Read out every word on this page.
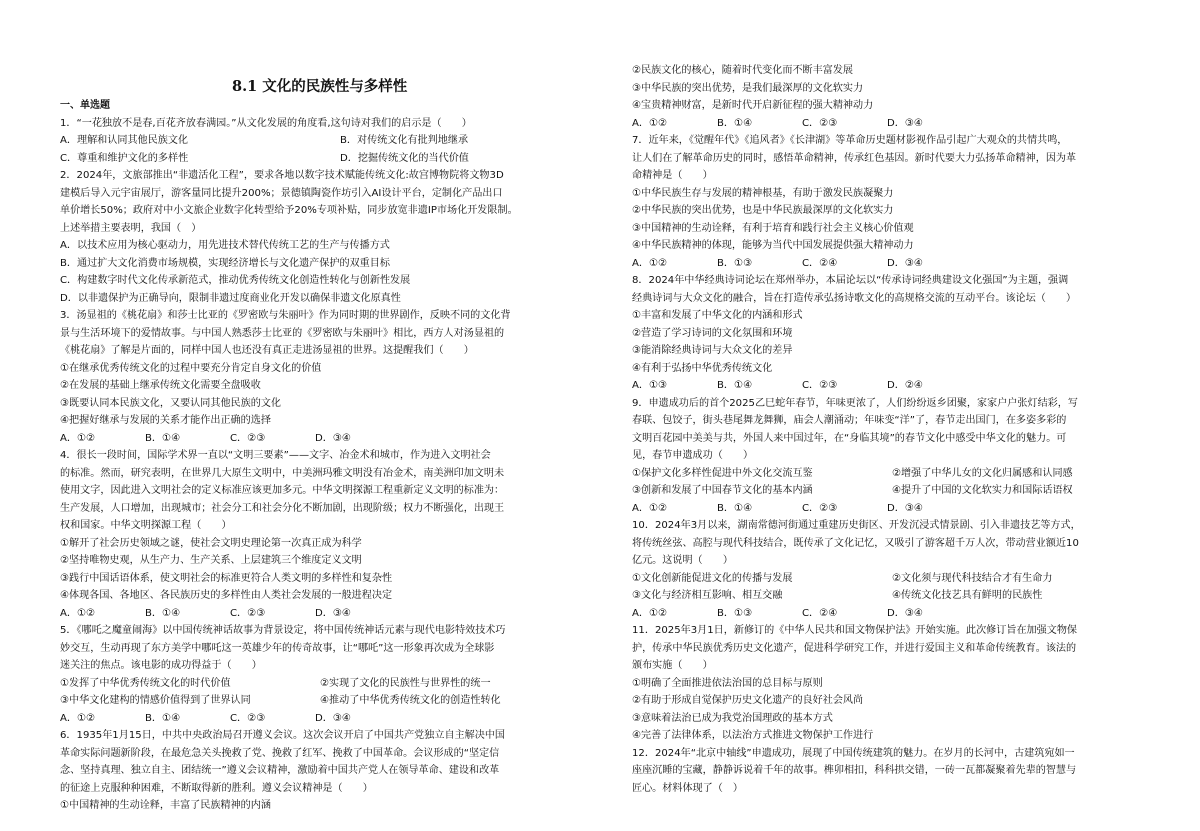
8.1 文化的民族性与多样性
一、单选题
1．“一花独放不是春,百花齐放春满园。”从文化发展的角度看,这句诗对我们的启示是（　　）
A．理解和认同其他民族文化	B．对传统文化有批判地继承
C．尊重和维护文化的多样性	D．挖掘传统文化的当代价值
2．2024年，文旅部推出“非遗活化工程”，要求各地以数字技术赋能传统文化:故宫博物院将文物3D
建模后导入元宇宙展厅，游客量同比提升200%；景德镇陶瓷作坊引入AI设计平台，定制化产品出口
单价增长50%；政府对中小文旅企业数字化转型给予20%专项补贴，同步放宽非遗IP市场化开发限制。
上述举措主要表明，我国（　）
A．以技术应用为核心驱动力，用先进技术替代传统工艺的生产与传播方式
B．通过扩大文化消费市场规模，实现经济增长与文化遗产保护的双重目标
C．构建数字时代文化传承新范式，推动优秀传统文化创造性转化与创新性发展
D．以非遗保护为正确导向，限制非遗过度商业化开发以确保非遗文化原真性
3．汤显祖的《桃花扇》和莎士比亚的《罗密欧与朱丽叶》作为同时期的世界剧作，反映不同的文化背
景与生活环境下的爱情故事。与中国人熟悉莎士比亚的《罗密欧与朱丽叶》相比，西方人对汤显祖的
《桃花扇》了解是片面的，同样中国人也还没有真正走进汤显祖的世界。这提醒我们（　　）
①在继承优秀传统文化的过程中要充分肯定自身文化的价值
②在发展的基础上继承传统文化需要全盘吸收
③既要认同本民族文化，又要认同其他民族的文化
④把握好继承与发展的关系才能作出正确的选择
A．①②	B．①④	C．②③	D．③④
4．很长一段时间，国际学术界一直以“文明三要素”——文字、冶金术和城市，作为进入文明社会
的标准。然而，研究表明，在世界几大原生文明中，中美洲玛雅文明没有冶金术，南美洲印加文明未
使用文字，因此进入文明社会的定义标准应该更加多元。中华文明探源工程重新定义文明的标准为：
生产发展，人口增加，出现城市；社会分工和社会分化不断加剧，出现阶级；权力不断强化，出现王
权和国家。中华文明探源工程（　　）
①解开了社会历史领域之谜，使社会文明史理论第一次真正成为科学
②坚持唯物史观，从生产力、生产关系、上层建筑三个维度定义文明
③践行中国话语体系，使文明社会的标准更符合人类文明的多样性和复杂性
④体现各国、各地区、各民族历史的多样性由人类社会发展的一般进程决定
A．①②	B．①④	C．②③	D．③④
5．《哪吒之魔童闹海》以中国传统神话故事为背景设定，将中国传统神话元素与现代电影特效技术巧
妙交互，生动再现了东方美学中哪吒这一英雄少年的传奇故事，让“哪吒”这一形象再次成为全球影
迷关注的焦点。该电影的成功得益于（　　）
①发挥了中华优秀传统文化的时代价值	②实现了文化的民族性与世界性的统一
③中华文化建构的情感价值得到了世界认同	④推动了中华优秀传统文化的创造性转化
A．①②	B．①④	C．②③	D．③④
6．1935年1月15日，中共中央政治局召开遵义会议。这次会议开启了中国共产党独立自主解决中国
革命实际问题新阶段，在最危急关头挽救了党、挽救了红军、挽救了中国革命。会议形成的“坚定信
念、坚持真理、独立自主、团结统一”遵义会议精神，激励着中国共产党人在领导革命、建设和改革
的征途上克服种种困难，不断取得新的胜利。遵义会议精神是（　　）
①中国精神的生动诠释，丰富了民族精神的内涵
②民族文化的核心，随着时代变化而不断丰富发展
③中华民族的突出优势，是我们最深厚的文化软实力
④宝贵精神财富，是新时代开启新征程的强大精神动力
A．①②	B．①④	C．②③	D．③④
7．近年来，《觉醒年代》《追风者》《长津湖》等革命历史题材影视作品引起广大观众的共情共鸣，
让人们在了解革命历史的同时，感悟革命精神，传承红色基因。新时代要大力弘扬革命精神，因为革
命精神是（　　）
①中华民族生存与发展的精神根基，有助于激发民族凝聚力
②中华民族的突出优势，也是中华民族最深厚的文化软实力
③中国精神的生动诠释，有利于培育和践行社会主义核心价值观
④中华民族精神的体现，能够为当代中国发展提供强大精神动力
A．①②	B．①③	C．②④	D．③④
8．2024年中华经典诗词论坛在郑州举办，本届论坛以“传承诗词经典建设文化强国”为主题，强调
经典诗词与大众文化的融合，旨在打造传承弘扬诗歌文化的高规格交流的互动平台。该论坛（　　）
①丰富和发展了中华文化的内涵和形式
②营造了学习诗词的文化氛围和环境
③能消除经典诗词与大众文化的差异
④有利于弘扬中华优秀传统文化
A．①③	B．①④	C．②③	D．②④
9．申遗成功后的首个2025乙巳蛇年春节，年味更浓了，人们纷纷返乡团聚，家家户户张灯结彩，写
春联、包饺子，街头巷尾舞龙舞狮，庙会人潮涌动；年味变“洋”了，春节走出国门，在多姿多彩的
文明百花园中美美与共，外国人来中国过年，在“身临其境”的春节文化中感受中华文化的魅力。可
见，春节申遗成功（　　）
①保护文化多样性促进中外文化交流互鉴	②增强了中华儿女的文化归属感和认同感
③创新和发展了中国春节文化的基本内涵	④提升了中国的文化软实力和国际话语权
A．①②	B．①④	C．②③	D．③④
10．2024年3月以来，湖南常德河街通过重建历史街区、开发沉浸式情景剧、引入非遗技艺等方式，
将传统丝弦、高腔与现代科技结合，既传承了文化记忆，又吸引了游客超千万人次，带动营业额近10
亿元。这说明（　　）
①文化创新能促进文化的传播与发展	②文化须与现代科技结合才有生命力
③文化与经济相互影响、相互交融	④传统文化技艺具有鲜明的民族性
A．①②	B．①③	C．②④	D．③④
11．2025年3月1日，新修订的《中华人民共和国文物保护法》开始实施。此次修订旨在加强文物保
护，传承中华民族优秀历史文化遗产，促进科学研究工作，并进行爱国主义和革命传统教育。该法的
颁布实施（　　）
①明确了全面推进依法治国的总目标与原则
②有助于形成自觉保护历史文化遗产的良好社会风尚
③意味着法治已成为我党治国理政的基本方式
④完善了法律体系，以法治方式推进文物保护工作进行
12．2024年“北京中轴线”申遗成功，展现了中国传统建筑的魅力。在岁月的长河中，古建筑宛如一
座座沉睡的宝藏，静静诉说着千年的故事。榫卯相扣，科科拱交错，一砖一瓦都凝聚着先辈的智慧与
匠心。材料体现了（　）
